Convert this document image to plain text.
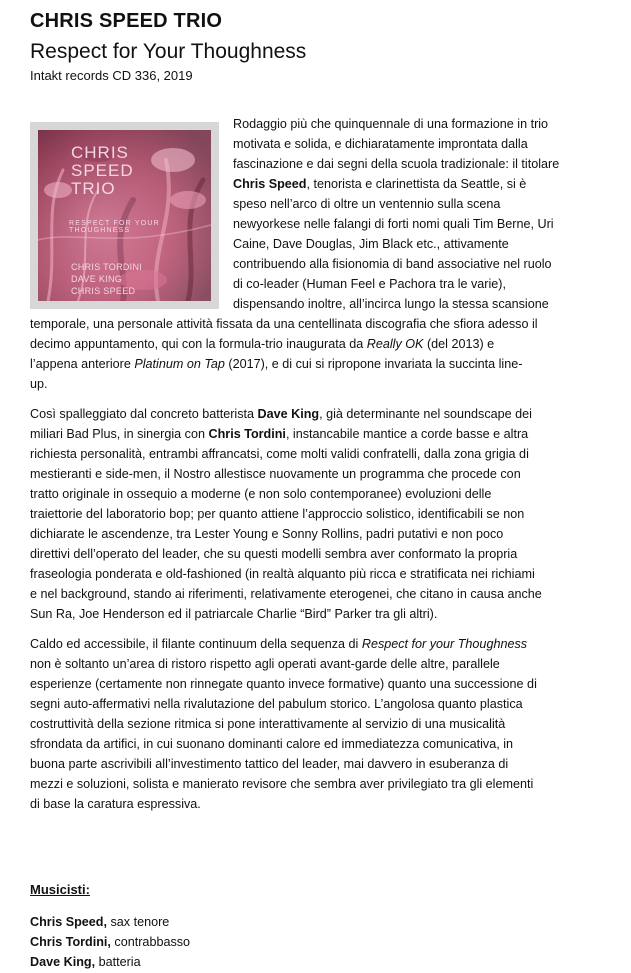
CHRIS SPEED TRIO
Respect for Your Thoughness
Intakt records CD 336, 2019
CHRIS
SPEED
TRIO
RESPECT FOR YOUR THOUGHNESS
CHRIS TORDINI
DAVE KING
CHRIS SPEED
Rodaggio più che quinquennale di una formazione in trio
motivata e solida, e dichiaratamente improntata dalla
fascinazione e dai segni della scuola tradizionale: il titolare
Chris Speed, tenorista e clarinettista da Seattle, si è
speso nell’arco di oltre un ventennio sulla scena
newyorkese nelle falangi di forti nomi quali Tim Berne, Uri
Caine, Dave Douglas, Jim Black etc., attivamente
contribuendo alla fisionomia di band associative nel ruolo
di co-leader (Human Feel e Pachora tra le varie),
dispensando inoltre, all’incirca lungo la stessa scansione
temporale, una personale attività fissata da una centellinata discografia che sfiora adesso il
decimo appuntamento, qui con la formula-trio inaugurata da Really OK (del 2013) e
l’appena anteriore Platinum on Tap (2017), e di cui si ripropone invariata la succinta line-
up.
Così spalleggiato dal concreto batterista Dave King, già determinante nel soundscape dei
miliari Bad Plus, in sinergia con Chris Tordini, instancabile mantice a corde basse e altra
richiesta personalità, entrambi affrancatsi, come molti validi confratelli, dalla zona grigia di
mestieranti e side-men, il Nostro allestisce nuovamente un programma che procede con
tratto originale in ossequio a moderne (e non solo contemporanee) evoluzioni delle
traiettorie del laboratorio bop; per quanto attiene l’approccio solistico, identificabili se non
dichiarate le ascendenze, tra Lester Young e Sonny Rollins, padri putativi e non poco
direttivi dell’operato del leader, che su questi modelli sembra aver conformato la propria
fraseologia ponderata e old-fashioned (in realtà alquanto più ricca e stratificata nei richiami
e nel background, stando ai riferimenti, relativamente eterogenei, che citano in causa anche
Sun Ra, Joe Henderson ed il patriarcale Charlie “Bird” Parker tra gli altri).
Caldo ed accessibile, il filante continuum della sequenza di Respect for your Thoughness
non è soltanto un’area di ristoro rispetto agli operati avant-garde delle altre, parallele
esperienze (certamente non rinnegate quanto invece formative) quanto una successione di
segni auto-affermativi nella rivalutazione del pabulum storico. L’angolosa quanto plastica
costruttività della sezione ritmica si pone interattivamente al servizio di una musicalità
sfrondata da artifici, in cui suonano dominanti calore ed immediatezza comunicativa, in
buona parte ascrivibili all’investimento tattico del leader, mai davvero in esuberanza di
mezzi e soluzioni, solista e manierato revisore che sembra aver privilegiato tra gli elementi
di base la caratura espressiva.
Musicisti:
Chris Speed, sax tenore
Chris Tordini, contrabbasso
Dave King, batteria
